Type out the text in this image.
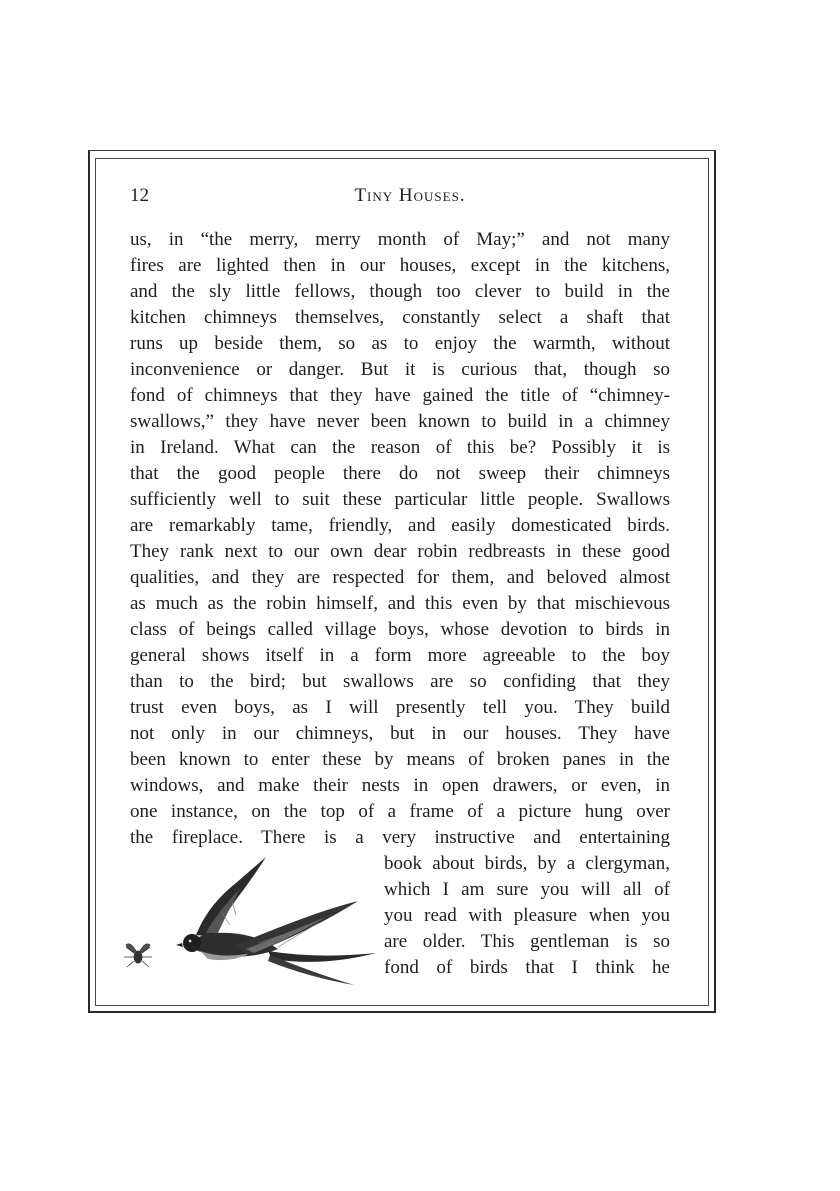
12	Tiny Houses.
us, in “the merry, merry month of May;” and not many
fires are lighted then in our houses, except in the kitchens,
and the sly little fellows, though too clever to build in the
kitchen chimneys themselves, constantly select a shaft that
runs up beside them, so as to enjoy the warmth, without
inconvenience or danger. But it is curious that, though so
fond of chimneys that they have gained the title of “chimney-
swallows,” they have never been known to build in a chimney
in Ireland. What can the reason of this be? Possibly it is
that the good people there do not sweep their chimneys
sufficiently well to suit these particular little people. Swallows
are remarkably tame, friendly, and easily domesticated birds.
They rank next to our own dear robin redbreasts in these good
qualities, and they are respected for them, and beloved almost
as much as the robin himself, and this even by that mischievous
class of beings called village boys, whose devotion to birds in
general shows itself in a form more agreeable to the boy
than to the bird; but swallows are so confiding that they
trust even boys, as I will presently tell you. They build
not only in our chimneys, but in our houses. They have
been known to enter these by means of broken panes in the
windows, and make their nests in open drawers, or even, in
one instance, on the top of a frame of a picture hung over
the fireplace. There is a very instructive and entertaining
book about birds, by a clergyman,
which I am sure you will all of
you read with pleasure when you
are older. This gentleman is so
fond of birds that I think he
